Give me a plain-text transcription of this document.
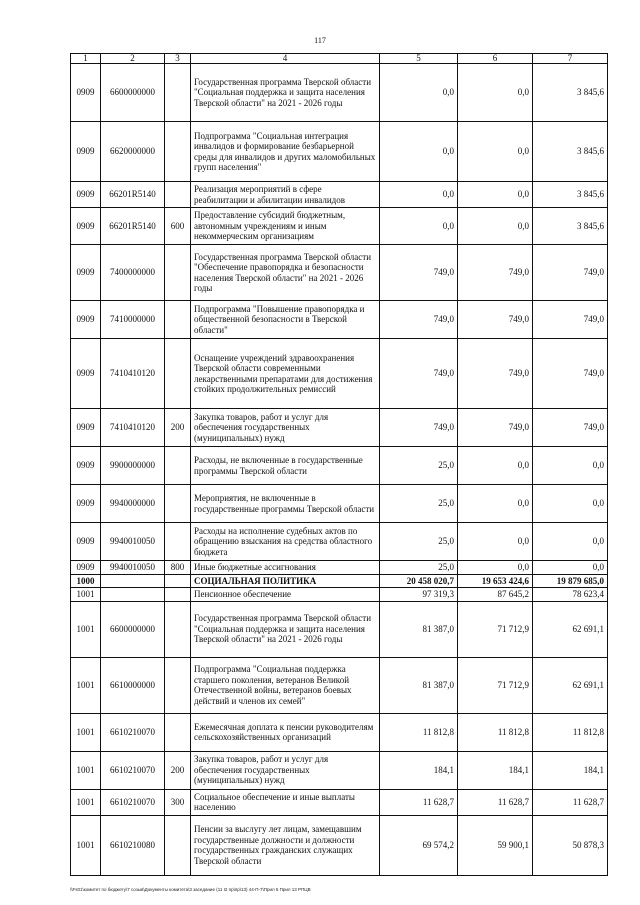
117
1	2	3	4	5	6	7
0909	6600000000		Государственная программа Тверской области "Социальная поддержка и защита населения Тверской области" на 2021 - 2026 годы	0,0	0,0	3 845,6
0909	6620000000		Подпрограмма "Социальная интеграция инвалидов и формирование безбарьерной среды для инвалидов и других маломобильных групп населения"	0,0	0,0	3 845,6
0909	66201R5140		Реализация мероприятий в сфере реабилитации и абилитации инвалидов	0,0	0,0	3 845,6
0909	66201R5140	600	Предоставление субсидий бюджетным, автономным учреждениям и иным некоммерческим организациям	0,0	0,0	3 845,6
0909	7400000000		Государственная программа Тверской области "Обеспечение правопорядка и безопасности населения Тверской области" на 2021 - 2026 годы	749,0	749,0	749,0
0909	7410000000		Подпрограмма "Повышение правопорядка и общественной безопасности в Тверской области"	749,0	749,0	749,0
0909	7410410120		Оснащение учреждений здравоохранения Тверской области современными лекарственными препаратами для достижения стойких продолжительных ремиссий	749,0	749,0	749,0
0909	7410410120	200	Закупка товаров, работ и услуг для обеспечения государственных (муниципальных) нужд	749,0	749,0	749,0
0909	9900000000		Расходы, не включенные в государственные программы Тверской области	25,0	0,0	0,0
0909	9940000000		Мероприятия, не включенные в государственные программы Тверской области	25,0	0,0	0,0
0909	9940010050		Расходы на исполнение судебных актов по обращению взыскания на средства областного бюджета	25,0	0,0	0,0
0909	9940010050	800	Иные бюджетные ассигнования	25,0	0,0	0,0
1000			СОЦИАЛЬНАЯ ПОЛИТИКА	20 458 020,7	19 653 424,6	19 879 685,0
1001			Пенсионное обеспечение	97 319,3	87 645,2	78 623,4
1001	6600000000		Государственная программа Тверской области "Социальная поддержка и защита населения Тверской области" на 2021 - 2026 годы	81 387,0	71 712,9	62 691,1
1001	6610000000		Подпрограмма "Социальная поддержка старшего поколения, ветеранов Великой Отечественной войны, ветеранов боевых действий и членов их семей"	81 387,0	71 712,9	62 691,1
1001	6610210070		Ежемесячная доплата к пенсии руководителям сельскохозяйственных организаций	11 812,8	11 812,8	11 812,8
1001	6610210070	200	Закупка товаров, работ и услуг для обеспечения государственных (муниципальных) нужд	184,1	184,1	184,1
1001	6610210070	300	Социальное обеспечение и иные выплаты населению	11 628,7	11 628,7	11 628,7
1001	6610210080		Пенсии за выслугу лет лицам, замещавшим государственные должности и должности государственных гражданских служащих Тверской области	69 574,2	59 900,1	50 878,3
\\Fs01\комитет по бюджету\7 созыв\Документы комитета\3 заседание (11 I2 пр\пр\13) 44-П-7\Прил 5 Прил 13 РПЦВ
